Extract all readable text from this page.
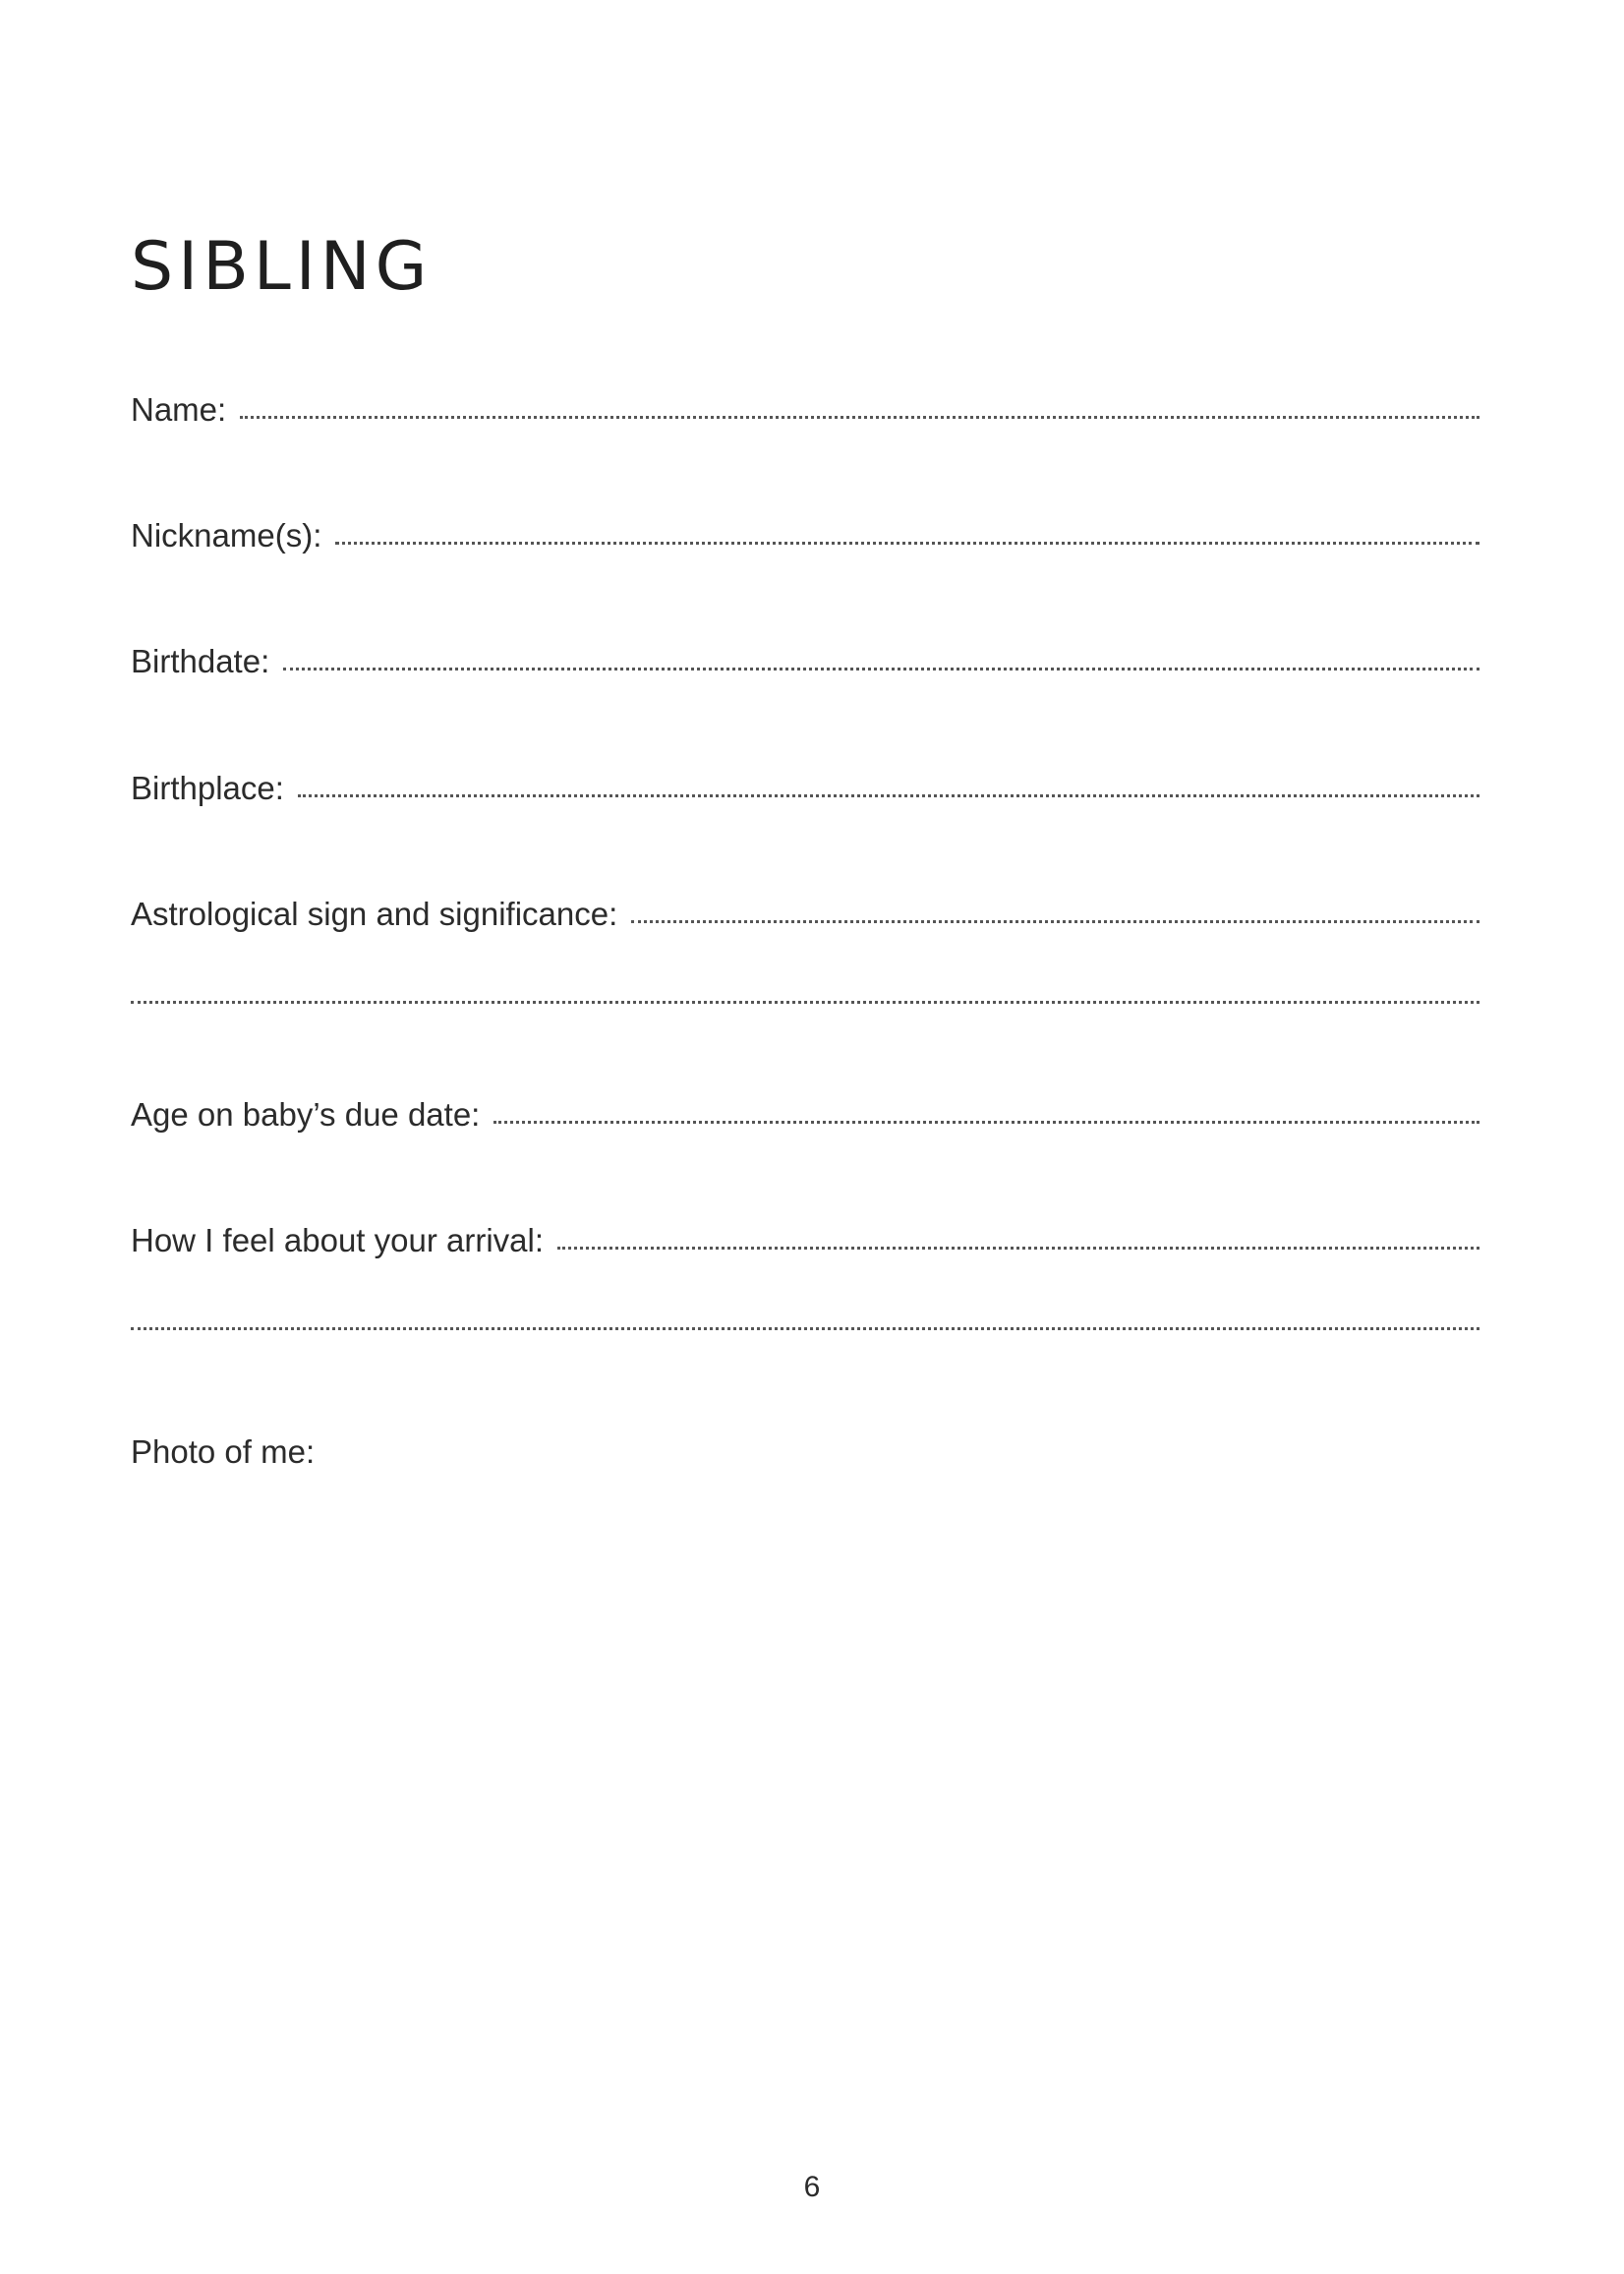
SIBLING
Name:
Nickname(s):
Birthdate:
Birthplace:
Astrological sign and significance:
Age on baby’s due date:
How I feel about your arrival:
Photo of me:
6
